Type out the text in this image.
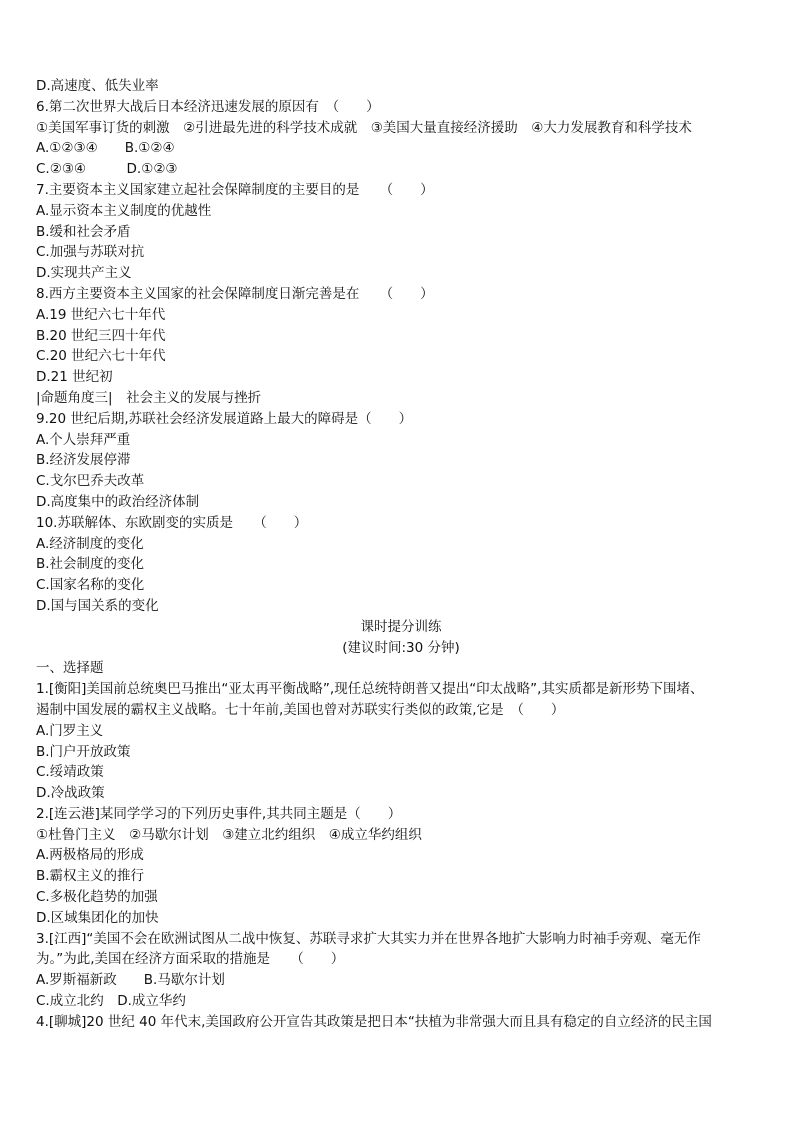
D.高速度、低失业率
6.第二次世界大战后日本经济迅速发展的原因有　（　　）
①美国军事订货的刺激　②引进最先进的科学技术成就　③美国大量直接经济援助　④大力发展教育和科学技术
A.①②③④　　B.①②④
C.②③④　　　D.①②③
7.主要资本主义国家建立起社会保障制度的主要目的是　　（　　）
A.显示资本主义制度的优越性
B.缓和社会矛盾
C.加强与苏联对抗
D.实现共产主义
8.西方主要资本主义国家的社会保障制度日渐完善是在　　（　　）
A.19 世纪六七十年代
B.20 世纪三四十年代
C.20 世纪六七十年代
D.21 世纪初
|命题角度三|　社会主义的发展与挫折
9.20 世纪后期,苏联社会经济发展道路上最大的障碍是（　　）
A.个人崇拜严重
B.经济发展停滞
C.戈尔巴乔夫改革
D.高度集中的政治经济体制
10.苏联解体、东欧剧变的实质是　　（　　）
A.经济制度的变化
B.社会制度的变化
C.国家名称的变化
D.国与国关系的变化
课时提分训练
(建议时间:30 分钟)
一、选择题
1.[衡阳]美国前总统奥巴马推出“亚太再平衡战略”,现任总统特朗普又提出“印太战略”,其实质都是新形势下围堵、
遏制中国发展的霸权主义战略。七十年前,美国也曾对苏联实行类似的政策,它是　（　　）
A.门罗主义
B.门户开放政策
C.绥靖政策
D.冷战政策
2.[连云港]某同学学习的下列历史事件,其共同主题是（　　）
①杜鲁门主义　②马歇尔计划　③建立北约组织　④成立华约组织
A.两极格局的形成
B.霸权主义的推行
C.多极化趋势的加强
D.区域集团化的加快
3.[江西]“美国不会在欧洲试图从二战中恢复、苏联寻求扩大其实力并在世界各地扩大影响力时袖手旁观、毫无作
为。”为此,美国在经济方面采取的措施是　　（　　）
A.罗斯福新政　　B.马歇尔计划
C.成立北约　D.成立华约
4.[聊城]20 世纪 40 年代末,美国政府公开宣告其政策是把日本“扶植为非常强大而且具有稳定的自立经济的民主国
